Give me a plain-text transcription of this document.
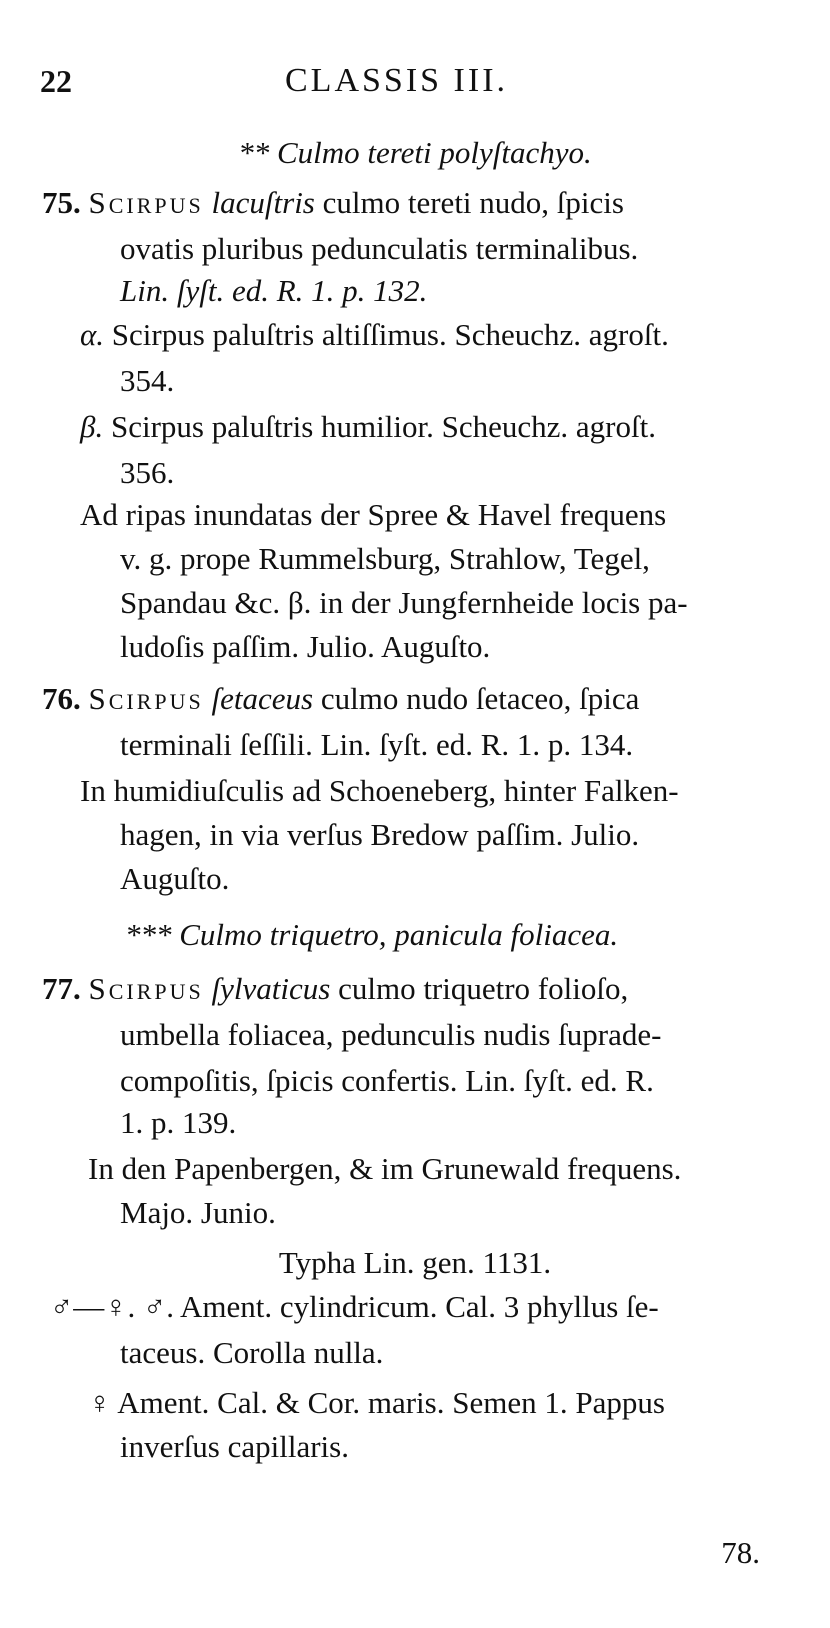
22	CLASSIS III.
** Culmo tereti polyſtachyo.
75. Scirpus lacuſtris culmo tereti nudo, ſpicis
ovatis pluribus pedunculatis terminalibus.
Lin. ſyſt. ed. R. 1. p. 132.
α. Scirpus paluſtris altiſſimus. Scheuchz. agroſt.
354.
β. Scirpus paluſtris humilior. Scheuchz. agroſt.
356.
Ad ripas inundatas der Spree & Havel frequens
v. g. prope Rummelsburg, Strahlow, Tegel,
Spandau &c. β. in der Jungfernheide locis pa-
ludoſis paſſim. Julio. Auguſto.
76. Scirpus ſetaceus culmo nudo ſetaceo, ſpica
terminali ſeſſili. Lin. ſyſt. ed. R. 1. p. 134.
In humidiuſculis ad Schoeneberg, hinter Falken-
hagen, in via verſus Bredow paſſim. Julio.
Auguſto.
*** Culmo triquetro, panicula foliacea.
77. Scirpus ſylvaticus culmo triquetro folioſo,
umbella foliacea, pedunculis nudis ſuprade-
compoſitis, ſpicis confertis. Lin. ſyſt. ed. R.
1. p. 139.
In den Papenbergen, & im Grunewald frequens.
Majo. Junio.
Typha Lin. gen. 1131.
♂—♀. ♂. Ament. cylindricum. Cal. 3 phyllus ſe-
taceus. Corolla nulla.
♀ Ament. Cal. & Cor. maris. Semen 1. Pappus
inverſus capillaris.
78.
